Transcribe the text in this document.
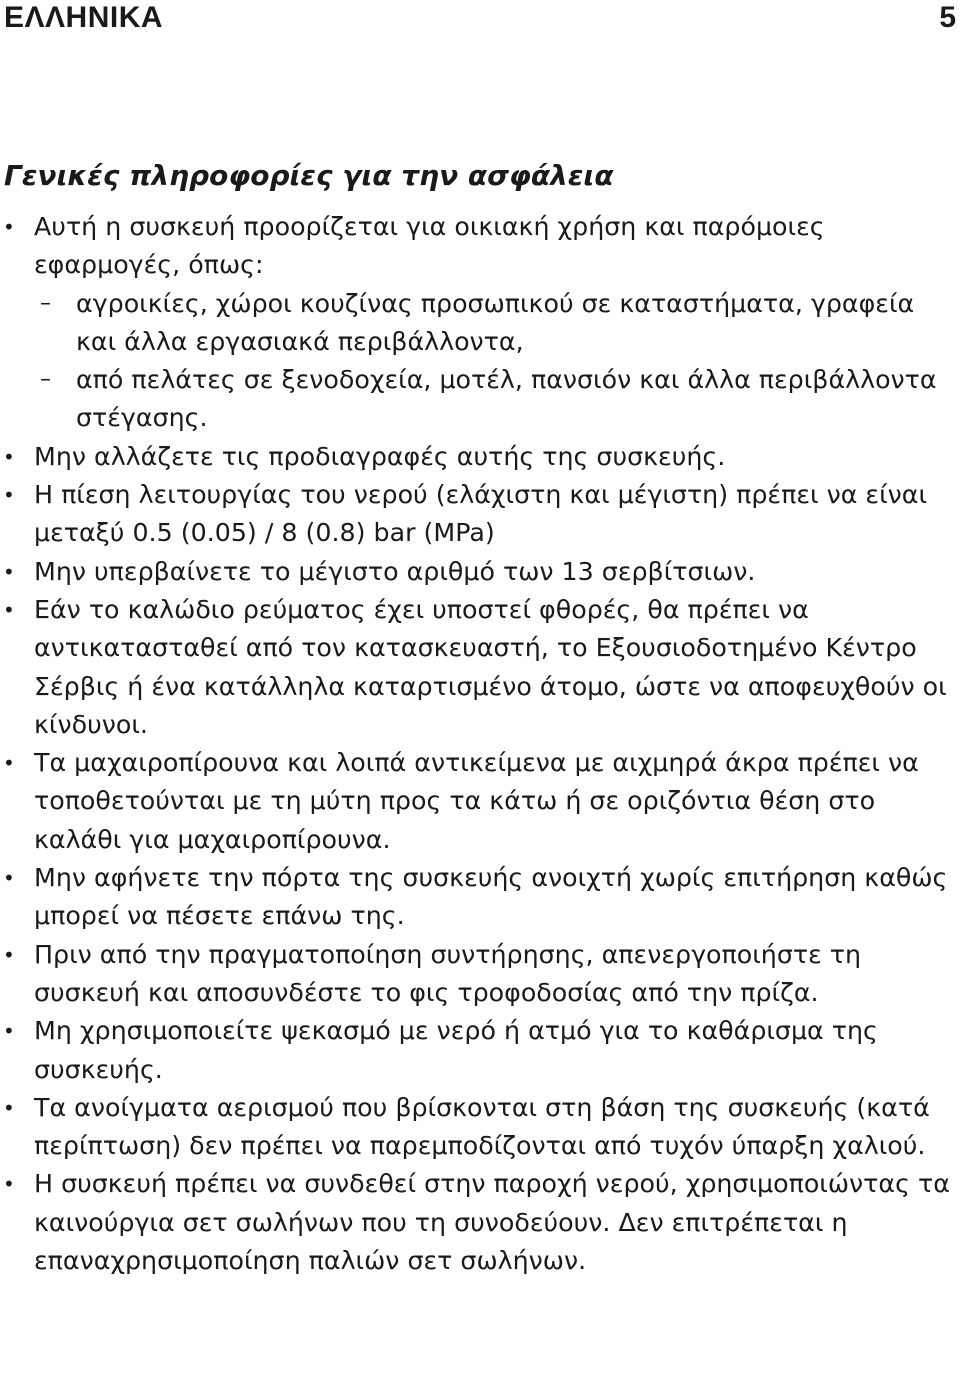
ΕΛΛΗΝΙΚΑ	5
Γενικές πληροφορίες για την ασφάλεια
• Αυτή η συσκευή προορίζεται για οικιακή χρήση και παρόμοιες εφαρμογές, όπως:
– αγροικίες, χώροι κουζίνας προσωπικού σε καταστήματα, γραφεία και άλλα εργασιακά περιβάλλοντα,
– από πελάτες σε ξενοδοχεία, μοτέλ, πανσιόν και άλλα περιβάλλοντα στέγασης.
• Μην αλλάζετε τις προδιαγραφές αυτής της συσκευής.
• Η πίεση λειτουργίας του νερού (ελάχιστη και μέγιστη) πρέπει να είναι μεταξύ 0.5 (0.05) / 8 (0.8) bar (MPa)
• Μην υπερβαίνετε το μέγιστο αριθμό των 13 σερβίτσιων.
• Εάν το καλώδιο ρεύματος έχει υποστεί φθορές, θα πρέπει να αντικατασταθεί από τον κατασκευαστή, το Εξουσιοδοτημένο Κέντρο Σέρβις ή ένα κατάλληλα καταρτισμένο άτομο, ώστε να αποφευχθούν οι κίνδυνοι.
• Τα μαχαιροπίρουνα και λοιπά αντικείμενα με αιχμηρά άκρα πρέπει να τοποθετούνται με τη μύτη προς τα κάτω ή σε οριζόντια θέση στο καλάθι για μαχαιροπίρουνα.
• Μην αφήνετε την πόρτα της συσκευής ανοιχτή χωρίς επιτήρηση καθώς μπορεί να πέσετε επάνω της.
• Πριν από την πραγματοποίηση συντήρησης, απενεργοποιήστε τη συσκευή και αποσυνδέστε το φις τροφοδοσίας από την πρίζα.
• Μη χρησιμοποιείτε ψεκασμό με νερό ή ατμό για το καθάρισμα της συσκευής.
• Τα ανοίγματα αερισμού που βρίσκονται στη βάση της συσκευής (κατά περίπτωση) δεν πρέπει να παρεμποδίζονται από τυχόν ύπαρξη χαλιού.
• Η συσκευή πρέπει να συνδεθεί στην παροχή νερού, χρησιμοποιώντας τα καινούργια σετ σωλήνων που τη συνοδεύουν. Δεν επιτρέπεται η επαναχρησιμοποίηση παλιών σετ σωλήνων.
